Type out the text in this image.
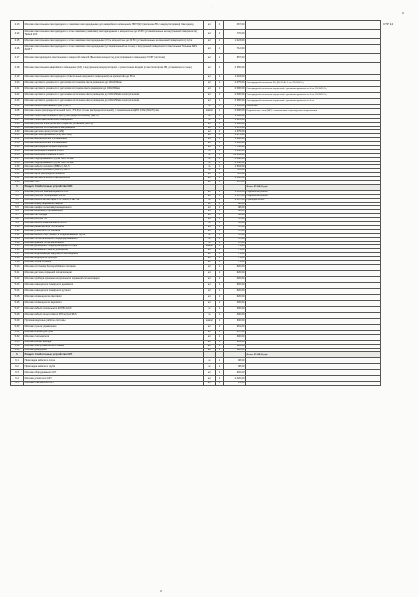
-
СТР 14
4.13	Монтаж светильника светодиодного с лампами светодиодными для аварийного освещения ЛБ7/ЛД 3 (включая ЛБ с аккумуляторами) Светодиод	шт	1	467,00	
4.14	Монтаж светильника светодиодного с 2-мя лампами (лампами) светодиодными с мощностью до 40 Вт (установленные на внутренней поверхности) Tarkett 12Х	шт	1	770,00	
4.15	Монтаж светильника светодиодного с 2-мя лампами светодиодными 0,5 м мощностью до 30 Вт (установленные на внешней поверхности) 1,2 м	шт	1	1 023,00	
4.16	Монтаж светильника светодиодного с 2-мя лампами светодиодными (установленный на стене) с внутренней поверхности Светильник Татьяна ARS 3х18 Г	шт	1	712,00	
4.17	Монтаж светодиодного светильника с закрытой лампой (Высокая мощность) для исправного освещения 72 ВТ (потолок)	шт	1	957,00	
4.18	Монтаж светильника аварийного освещения (СА) с внутренним аккумулятором, с розеточным входом (с вентилятором ЛБ, установлен в стене)	шт	1	2 350,00	
4.19	Монтаж светильника светодиодного (Светильник наружного освещения) на кронштейн до 35 м	шт	1	1 023,00	
4.20	Монтаж щитового указателя с датчиком источником света размером до 100х150мм	шт	1	2 075,00	Светодиодный светильник ЛБ, Д60 20 Вт, 2 шт, 220 В/50 Гц
4.21	Монтаж щитового указателя с датчиком источника света размером до 100х150мм	шт	1	2 000,00	Светодиодный светильник внутренний с датчиками движения на 4 шт, 220 В/50 Гц
4.22	Монтаж щитового указателя с датчиками источника света размером до 100х150мм электрическим	шт	1	2 000,00	Светодиодный светильник внутренний с датчиками движения на 4 шт, 220 В/50 Гц
4.23	Монтаж щитового указателя с датчиками источника света размером до 100х150мм электрическим	шт	1	4 250,00	Светодиодный светильник внутренний с датчиками движения на 4 шт
4.24	Монтаж кабеля монтажного (ВВГ) 2х2,5	м	1	1 103,00	Кабель ВВГ
4.25	Монтаж линии распределительной сети, 3*2,5(от стены распределительной), с заземлением ЩРО 1х5м (60х70) мм	компл	1	2 000,00	Подключение к сети (ВВГ) с заземлением и переходными соединениями
4.26	Монтаж линии светильника к щиту распределительному (ЩРО)	м	1	1 063,00	
4.27	Монтаж линии выключателей освещения	м	1	1 315,00	
4.28	Монтаж розеток электрических открытой установки (220 В)	шт	1	1 290,00	
4.29	Монтаж розеток 16 А высокого напряжения	шт	1	1 270,00	
4.30	Монтаж датчика присутствия (ИК)	шт	1	1 475,00	
4.31	Монтаж датчика движения (ИК) на стену	шт	1	1 475,00	
4.32	Монтаж выключателей 1-клавишных	шт	1	1 290,00	
4.33	Монтаж выключателей 2-клавишных	шт	1	1 306,00	
4.34	Монтаж распределительной коробки	шт	1	7 750,00	
4.35	Монтаж кабельного канала 16х16	м	1	1 290,00	
4.36	Монтаж кабельного канала 25х16	м	1	15 445,00	
4.37	Монтаж гофрированной трубы ПВХ 16 мм	м	1	2 008,00	
4.38	Монтаж гофрированной трубы ПВХ 20 мм	м	1	2 008,00	
4.39	Монтаж кабеля силового (ВВГнг) 3х1,5	м	1	1 504,00	
4.40	Монтаж кабеля силового (ВВГнг) 3х2,5	м	1	723,00	
4.41	Монтаж щита распределительного	шт	1	723,00	
4.42	Монтаж автоматического выключателя	шт	1	1 000,00	
4.43	Монтаж УЗО	шт	1	567,00	
5	Раздел: Слаботочные устройства СКС				Итого: 47 068,91 руб.
5.1	Монтаж розеток компьютерных RJ-45	шт	1	1 031,00	Подключение розеток
5.2	Монтаж розеток телефонных RJ-11	шт	1	1 037,00	Подключение розеток
5.3	Монтаж кабеля витая пара UTP 4х2х0,5 кат. 5е	м	1	1 037,00	Прокладка кабеля
5.4	Монтаж коммутационной панели	шт	1	98,00	
5.5	Монтаж шкафа телекоммуникационного	шт	1	98,00	
5.6	Монтаж кабельного органайзера	шт	1	98,00	
5.7	Монтаж патч-корда	шт	1	96,00	
5.8	Монтаж розетки ТВ	шт	1	47,00	
5.9	Монтаж кабеля коаксиального RG-6	м	1	45,00	
5.10	Монтаж разветвителя ТВ сигнала	шт	1	47,00	
5.11	Монтаж усилителя ТВ сигнала	шт	1	47,00	
5.12	Монтаж кабеля ПВС, ШВВП в гофрированной трубе	м	1	47,00	
5.13	Монтаж лотка кабельного перфорированного	м	1	47,00	
5.14	Монтаж крышки лотка кабельного	м	1	47,00	
5.15	Монтаж домофона / видеодомофона в сборе	компл	1	71,00	
5.16	Монтаж вызывной панели домофона	шт	1	71,00	
5.17	Монтаж видеокамеры наружного наблюдения	шт	1	71,00	
5.18	Монтаж видеорегистратора	шт	1	71,00	
5.19	Монтаж блока питания	шт	1	71,00	
5.20	Монтаж источника бесперебойного питания	шт	1	620,00	
5.21	Монтаж датчика охранной сигнализации	шт	1	620,00	
5.22	Монтаж прибора приемно-контрольного охранной сигнализации	шт	1	620,00	
5.23	Монтаж извещателя пожарного дымового	шт	1	620,00	
5.24	Монтаж извещателя пожарного ручного	шт	1	620,00	
5.25	Монтаж оповещателя светового	шт	1	620,00	
5.26	Монтаж оповещателя звукового	шт	1	300,00	
5.27	Монтаж кабеля сигнального КСПВ 4х0,5	м	1	300,00	
5.28	Монтаж кабеля огнестойкого КПСнг(А)-FRLS	м	1	300,00	
5.29	Пусконаладочные работы системы	компл	1	300,00	
5.30	Монтаж пульта управления	шт	1	261,00	
5.31	Монтаж ключей доступа	шт	1	307,00	
5.32	Монтаж считывателя	шт	1	300,00	
5.33	Монтаж кнопки выхода	шт	1	124,00	
5.34	Монтаж электромагнитного замка	шт	1	120,00	
5.35	Монтаж доводчика	шт	1	118,00	
6	Раздел: Слаботочные устройства СКТ				Итого: 47 068,91 руб.
6.1	Прокладка кабеля в лотке	м	1	98,00	
6.2	Прокладка кабеля в трубе	м	1	98,00	
6.3	Монтаж оборудования СКТ	шт	1	620,00	
6.4	Монтаж усилителя СКТ	шт	1	2 020,00	
6.5	Монтаж ответвителя СКТ	шт	1	25,00	
